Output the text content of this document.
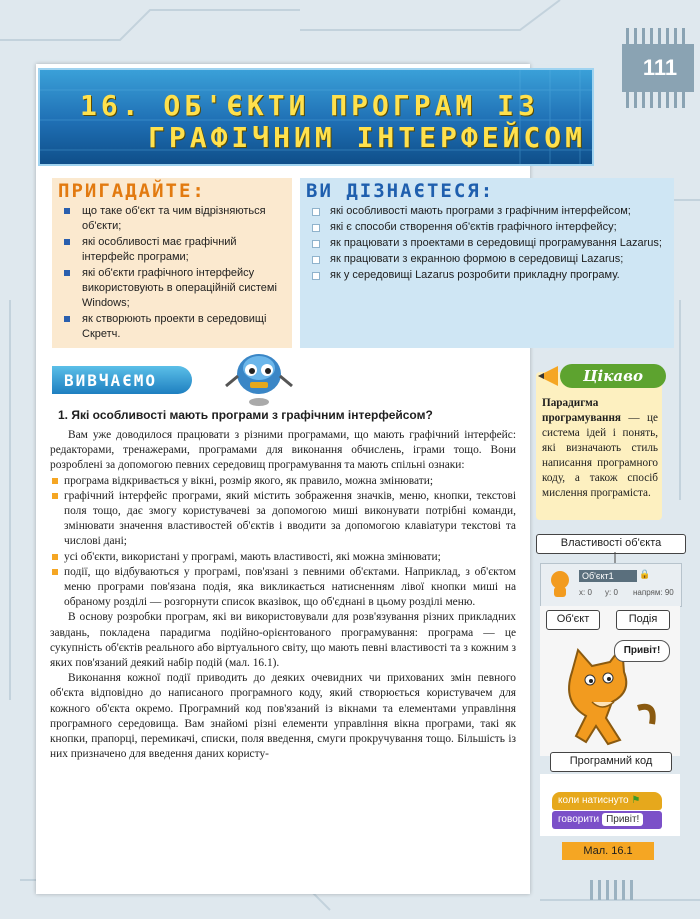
111
16. ОБ'ЄКТИ ПРОГРАМ ІЗ
ГРАФІЧНИМ ІНТЕРФЕЙСОМ
ПРИГАДАЙТЕ:
що таке об'єкт та чим відрізняються об'єкти;
які особливості має графічний інтерфейс програми;
які об'єкти графічного інтерфейсу використовують в операційній системі Windows;
як створюють проекти в середовищі Скретч.
ВИ ДІЗНАЄТЕСЯ:
які особливості мають програми з графічним інтерфейсом;
які є способи створення об'єктів графічного інтерфейсу;
як працювати з проектами в середовищі програмування Lazarus;
як працювати з екранною формою в середовищі Lazarus;
як у середовищі Lazarus розробити прикладну програму.
ВИВЧАЄМО
1. Які особливості мають програми з графічним інтерфейсом?

Вам уже доводилося працювати з різними програмами, що мають графічний інтерфейс: редакторами, тренажерами, програмами для виконання обчислень, іграми тощо. Вони розроблені за допомогою певних середовищ програмування та мають спільні ознаки:

програма відкривається у вікні, розмір якого, як правило, можна змінювати;
графічний інтерфейс програми, який містить зображення значків, меню, кнопки, текстові поля тощо, дає змогу користувачеві за допомогою миші виконувати потрібні команди, змінювати значення властивостей об'єктів і вводити за допомогою клавіатури текстові та числові дані;
усі об'єкти, використані у програмі, мають властивості, які можна змінювати;
події, що відбуваються у програмі, пов'язані з певними об'єктами. Наприклад, з об'єктом меню програми пов'язана подія, яка викликається натисненням лівої кнопки миші на обраному розділі — розгорнути список вказівок, що об'єднані в цьому розділі меню.

В основу розробки програм, які ви використовували для розв'язування різних прикладних завдань, покладена парадигма подійно-орієнтованого програмування: програма — це сукупність об'єктів реального або віртуального світу, що мають певні властивості та з кожним з яких пов'язаний деякий набір подій (мал. 16.1).

Виконання кожної події приводить до деяких очевидних чи прихованих змін певного об'єкта відповідно до написаного програмного коду, який створюється користувачем для кожного об'єкта окремо. Програмний код пов'язаний із вікнами та елементами управління програмного середовища. Вам знайомі різні елементи управління вікна програми, такі як кнопки, прапорці, перемикачі, списки, поля введення, смуги прокручування тощо. Більшість із них призначено для введення даних користу-

Цікаво
Парадигма програмування — це система ідей і понять, які визначають стиль написання програмного коду, а також спосіб мислення програміста.
Властивості об'єкта
Об'єкт1	🔒
x: 0 y: 0 напрям: 90
Об'єкт	Подія
Привіт!
Програмний код
коли натиснуто ⚑
говорити Привіт!
Мал. 16.1
